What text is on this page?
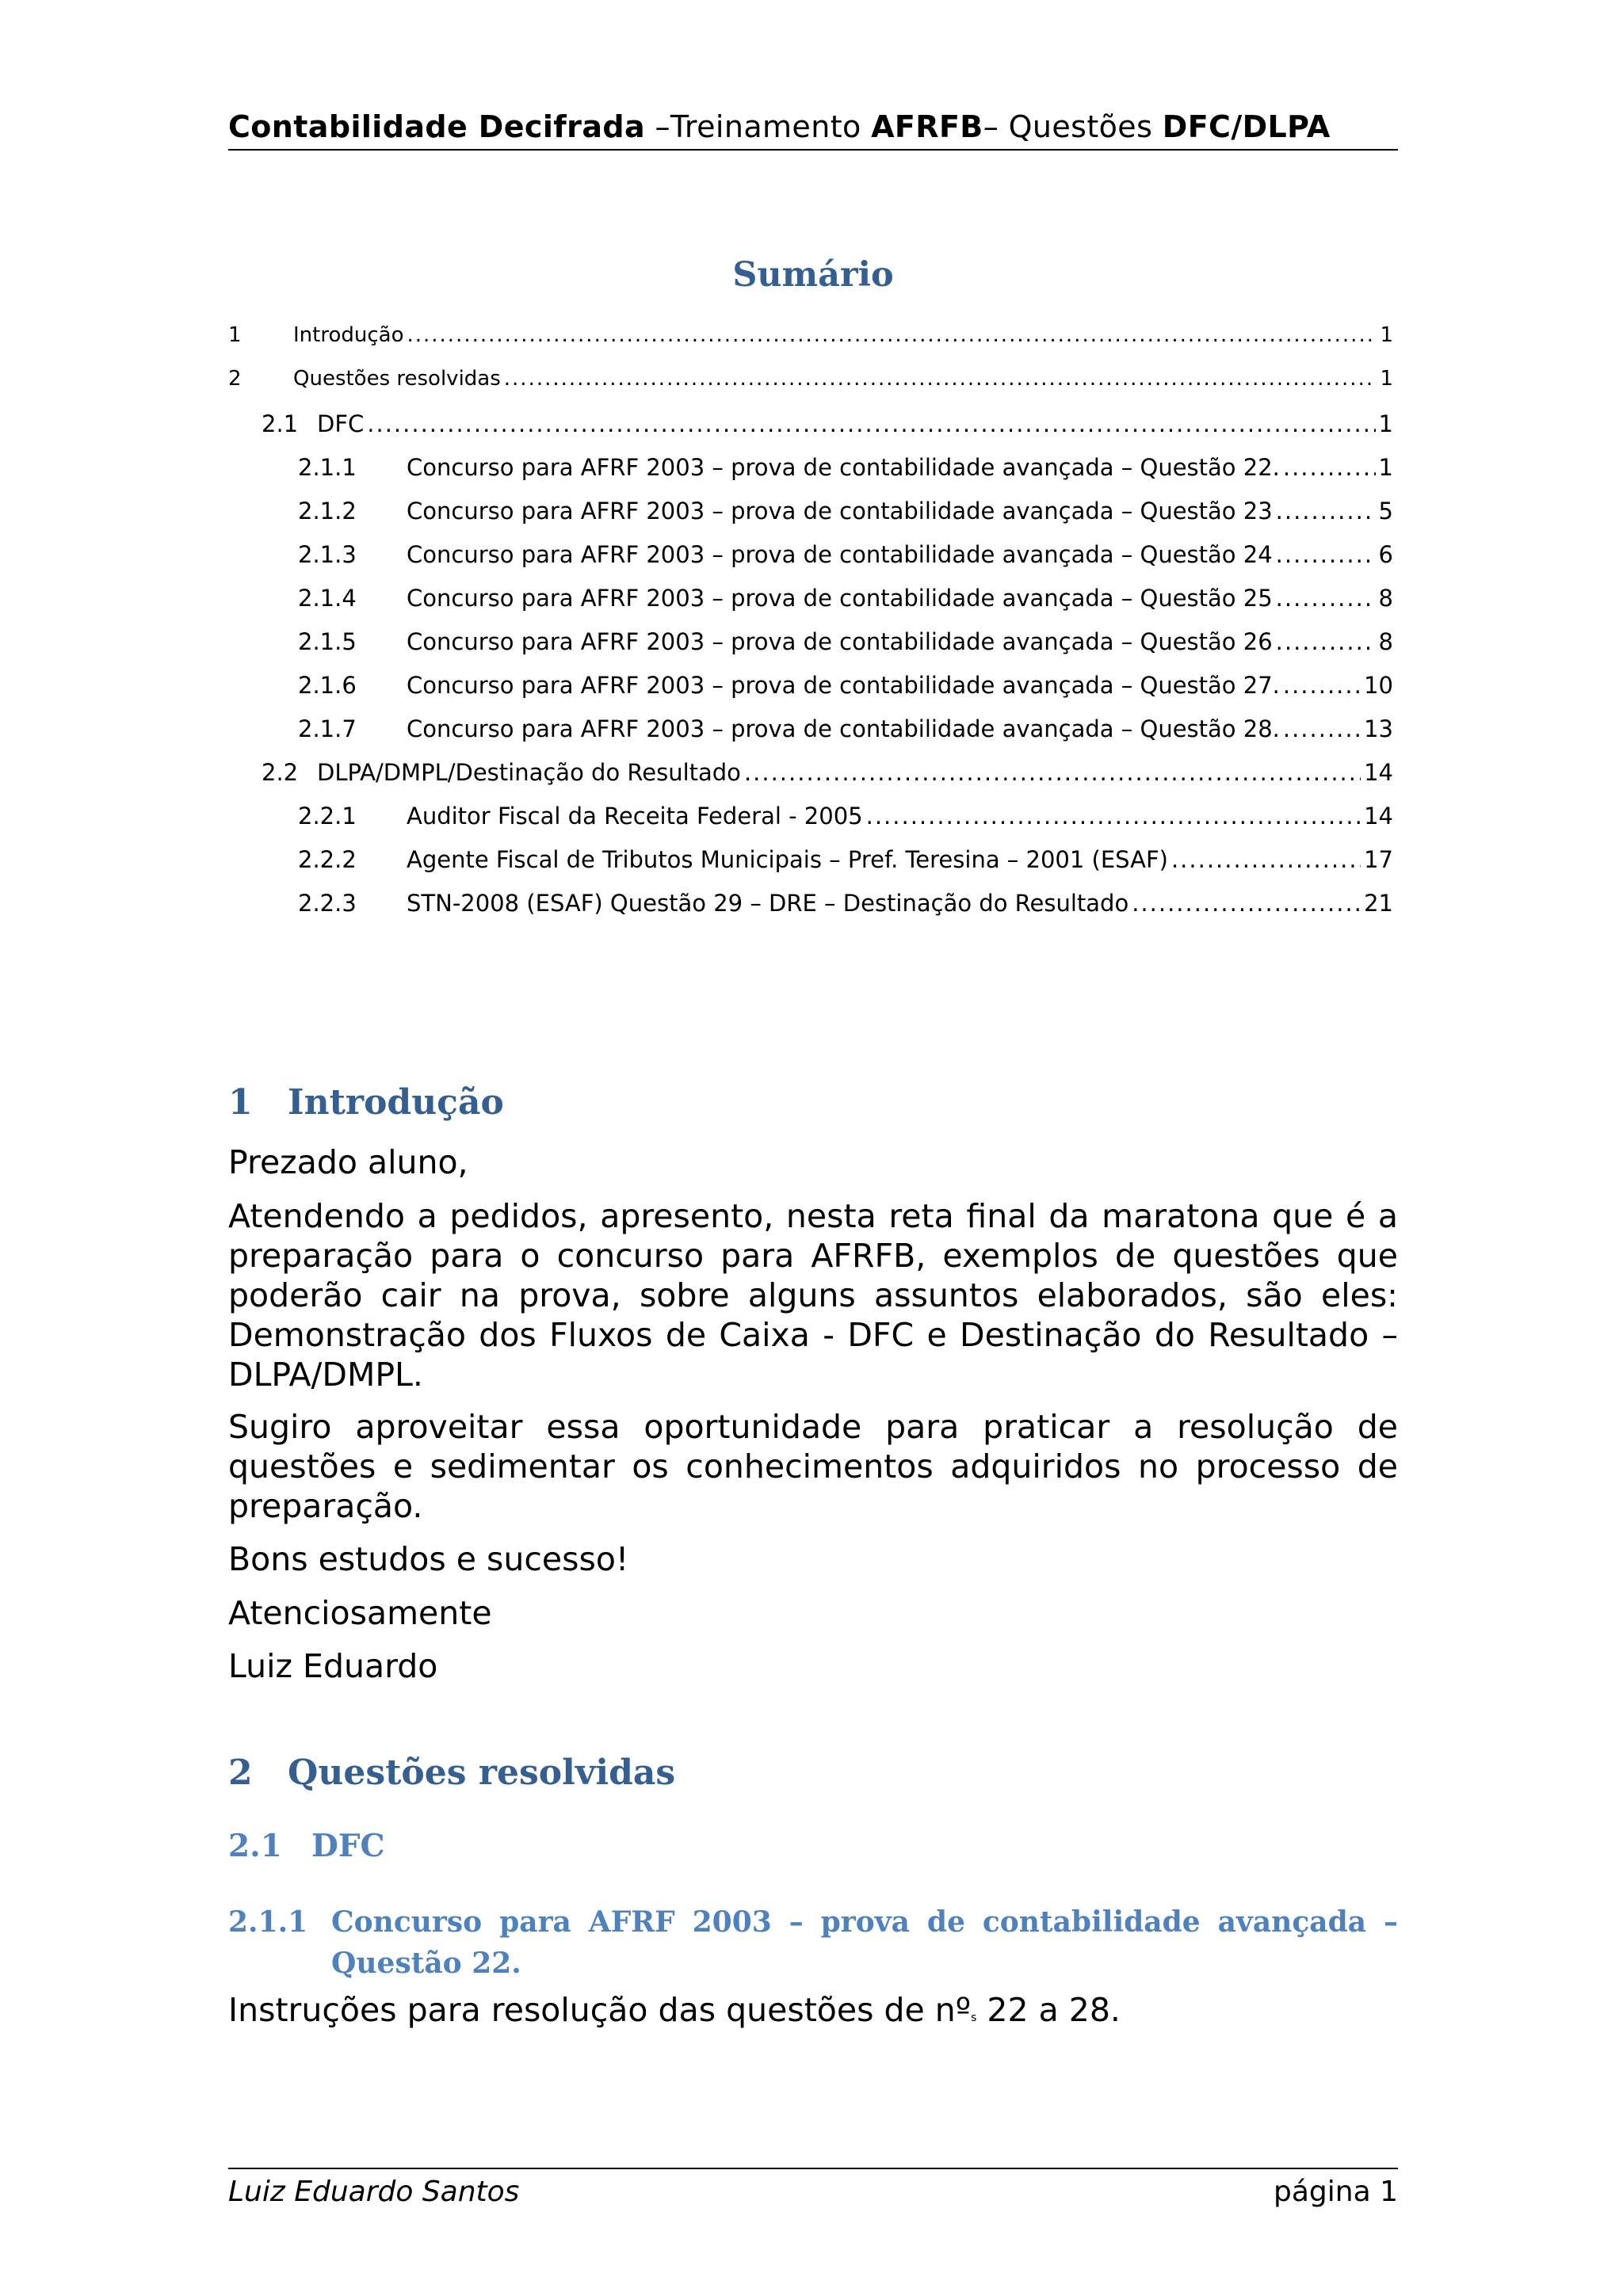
Contabilidade Decifrada –Treinamento AFRFB– Questões DFC/DLPA
Sumário
1	Introdução .....	1
2	Questões resolvidas .....	1
2.1 DFC .....	1
2.1.1	Concurso para AFRF 2003 – prova de contabilidade avançada – Questão 22. .....	1
2.1.2	Concurso para AFRF 2003 – prova de contabilidade avançada – Questão 23 .....	5
2.1.3	Concurso para AFRF 2003 – prova de contabilidade avançada – Questão 24 .....	6
2.1.4	Concurso para AFRF 2003 – prova de contabilidade avançada – Questão 25 .....	8
2.1.5	Concurso para AFRF 2003 – prova de contabilidade avançada – Questão 26 .....	8
2.1.6	Concurso para AFRF 2003 – prova de contabilidade avançada – Questão 27. .....	10
2.1.7	Concurso para AFRF 2003 – prova de contabilidade avançada – Questão 28. .....	13
2.2 DLPA/DMPL/Destinação do Resultado .....	14
2.2.1	Auditor Fiscal da Receita Federal - 2005 .....	14
2.2.2	Agente Fiscal de Tributos Municipais – Pref. Teresina – 2001 (ESAF) .....	17
2.2.3	STN-2008 (ESAF) Questão 29 – DRE – Destinação do Resultado .....	21
1 Introdução
Prezado aluno,
Atendendo a pedidos, apresento, nesta reta final da maratona que é a preparação para o concurso para AFRFB, exemplos de questões que poderão cair na prova, sobre alguns assuntos elaborados, são eles: Demonstração dos Fluxos de Caixa - DFC e Destinação do Resultado – DLPA/DMPL.
Sugiro aproveitar essa oportunidade para praticar a resolução de questões e sedimentar os conhecimentos adquiridos no processo de preparação.
Bons estudos e sucesso!
Atenciosamente
Luiz Eduardo
2 Questões resolvidas
2.1 DFC
2.1.1 Concurso para AFRF 2003 – prova de contabilidade avançada – Questão 22.
Instruções para resolução das questões de nºs 22 a 28.
Luiz Eduardo Santos	página 1
